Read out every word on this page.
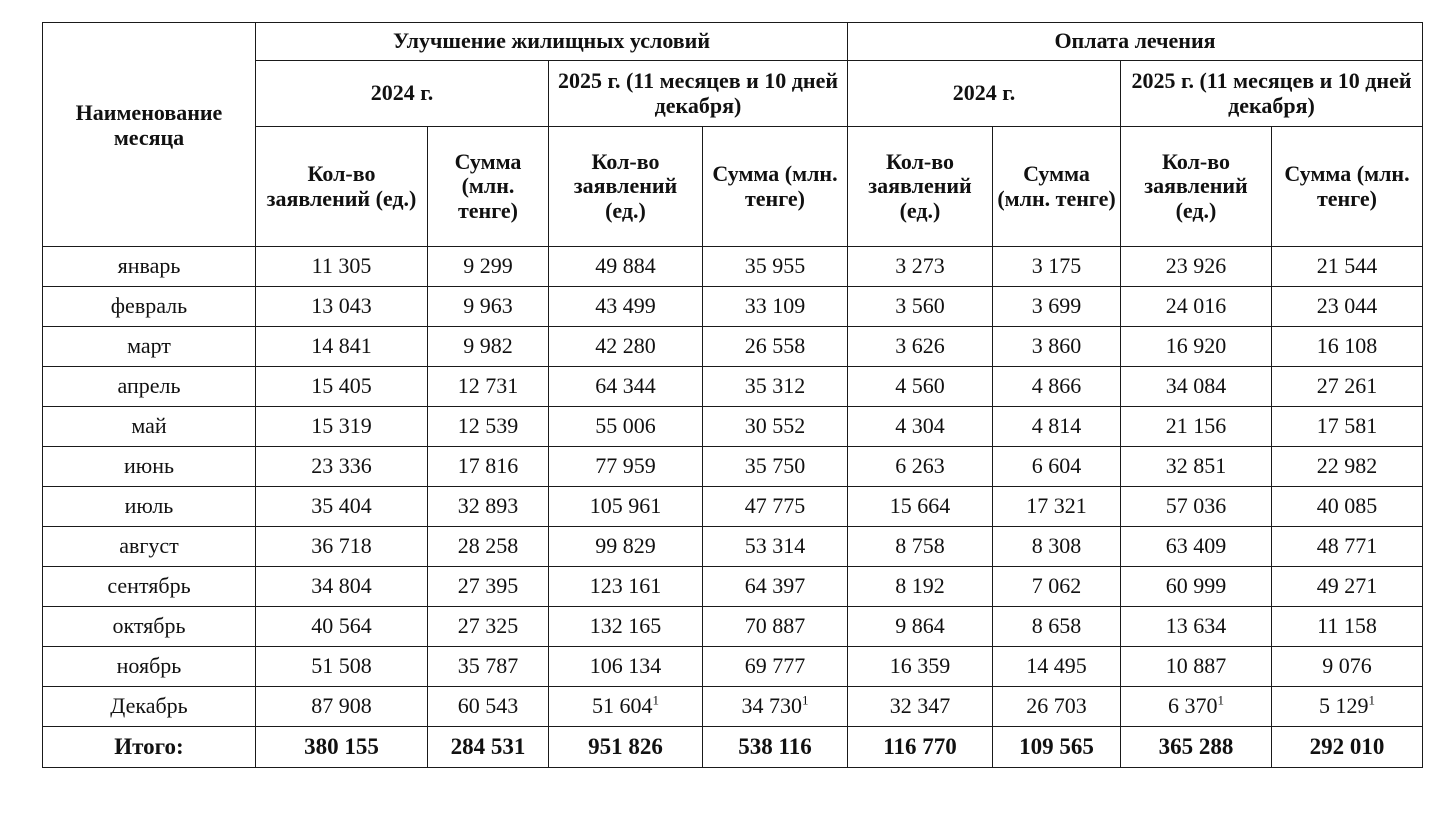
Наименование месяца	Улучшение жилищных условий				Оплата лечения			
	2024 г.		2025 г. (11 месяцев и 10 дней декабря)		2024 г.		2025 г. (11 месяцев и 10 дней декабря)	
	Кол-во заявлений (ед.)	Сумма (млн. тенге)	Кол-во заявлений (ед.)	Сумма (млн. тенге)	Кол-во заявлений (ед.)	Сумма (млн. тенге)	Кол-во заявлений (ед.)	Сумма (млн. тенге)
январь	11 305	9 299	49 884	35 955	3 273	3 175	23 926	21 544
февраль	13 043	9 963	43 499	33 109	3 560	3 699	24 016	23 044
март	14 841	9 982	42 280	26 558	3 626	3 860	16 920	16 108
апрель	15 405	12 731	64 344	35 312	4 560	4 866	34 084	27 261
май	15 319	12 539	55 006	30 552	4 304	4 814	21 156	17 581
июнь	23 336	17 816	77 959	35 750	6 263	6 604	32 851	22 982
июль	35 404	32 893	105 961	47 775	15 664	17 321	57 036	40 085
август	36 718	28 258	99 829	53 314	8 758	8 308	63 409	48 771
сентябрь	34 804	27 395	123 161	64 397	8 192	7 062	60 999	49 271
октябрь	40 564	27 325	132 165	70 887	9 864	8 658	13 634	11 158
ноябрь	51 508	35 787	106 134	69 777	16 359	14 495	10 887	9 076
Декабрь	87 908	60 543	51 $604^1$	34 $730^1$	32 347	26 703	6 $370^1$	5 $129^1$
Итого:	380 155	284 531	951 826	538 116	116 770	109 565	365 288	292 010
